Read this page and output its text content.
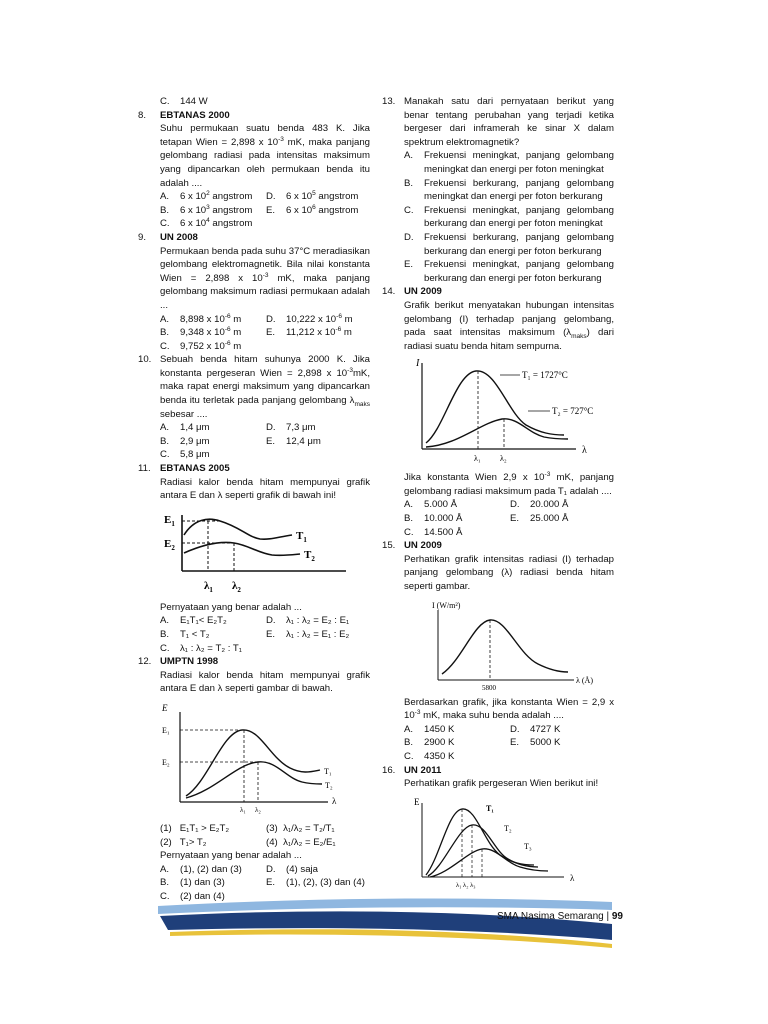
C. 144 W
8. EBTANAS 2000

Suhu permukaan suatu benda 483 K. Jika tetapan Wien = 2,898 x $10^{-3}$ mK, maka panjang gelombang radiasi pada intensitas maksimum yang dipancarkan oleh permukaan benda itu adalah ....

A. 6 x $10^2$ angstrom	D. 6 x $10^5$ angstrom
B. 6 x $10^3$ angstrom	E. 6 x $10^6$ angstrom
C. 6 x $10^4$ angstrom
9. UN 2008

Permukaan benda pada suhu 37°C meradiasikan gelombang elektromagnetik. Bila nilai konstanta Wien = 2,898 x $10^{-3}$ mK, maka panjang gelombang maksimum radiasi permukaan adalah ...

A. 8,898 x $10^{-6}$ m	D. 10,222 x $10^{-6}$ m
B. 9,348 x $10^{-6}$ m	E. 11,212 x $10^{-6}$ m
C. 9,752 x $10^{-6}$ m
10. Sebuah benda hitam suhunya 2000 K. Jika konstanta pergeseran Wien = 2,898 x $10^{-3}mK$, maka rapat energi maksimum yang dipancarkan benda itu terletak pada panjang gelombang $\lambda_{maks}$ sebesar ....

A. 1,4 μm	D. 7,3 μm
B. 2,9 μm	E. 12,4 μm
C. 5,8 μm
11. EBTANAS 2005

Radiasi kalor benda hitam mempunyai grafik antara E dan λ seperti grafik di bawah ini!

$E_1$
$E_2$
$T_1$
$T_2$
$\lambda_1$ $\lambda_2$
Pernyataan yang benar adalah ...
A. E₁T₁< E₂T₂	D. λ₁ : λ₂ = E₂ : E₁
B. T₁ < T₂	E. λ₁ : λ₂ = E₁ : E₂
C. λ₁ : λ₂ = T₂ : T₁
12. UMPTN 1998

Radiasi kalor benda hitam mempunyai grafik antara E dan λ seperti gambar di bawah.

E
E₁
E₂
T₁
T₂
λ
λ₁ λ₂
(1) E₁T₁ > E₂T₂	(3) λ₁/λ₂ = T₂/T₁
(2) T₁> T₂	(4) λ₁/λ₂ = E₂/E₁
Pernyataan yang benar adalah ...
A. (1), (2) dan (3)	D. (4) saja
B. (1) dan (3)	E. (1), (2), (3) dan (4)
C. (2) dan (4)
13. Manakah satu dari pernyataan berikut yang benar tentang perubahan yang terjadi ketika bergeser dari inframerah ke sinar X dalam spektrum elektromagnetik?

A. Frekuensi meningkat, panjang gelombang meningkat dan energi per foton meningkat

B. Frekuensi berkurang, panjang gelombang meningkat dan energi per foton berkurang

C. Frekuensi meningkat, panjang gelombang berkurang dan energi per foton meningkat

D. Frekuensi berkurang, panjang gelombang berkurang dan energi per foton berkurang

E. Frekuensi meningkat, panjang gelombang berkurang dan energi per foton berkurang

14. UN 2009

Grafik berikut menyatakan hubungan intensitas gelombang (I) terhadap panjang gelombang, pada saat intensitas maksimum $(\lambda_{maks})$ dari radiasi suatu benda hitam sempurna.

I
T₁ = 1727°C
T₂ = 727°C
λ
λ₁ λ₂

Jika konstanta Wien 2,9 x $10^{-3}$ mK, panjang gelombang radiasi maksimum pada T₁ adalah ....

A. 5.000 Å	D. 20.000 Å
B. 10.000 Å	E. 25.000 Å
C. 14.500 Å
15. UN 2009

Perhatikan grafik intensitas radiasi (I) terhadap panjang gelombang (λ) radiasi benda hitam seperti gambar.

I (W/m²)
5800
λ (Å)

Berdasarkan grafik, jika konstanta Wien = 2,9 x $10^{-3}$ mK, maka suhu benda adalah ....

A. 1450 K	D. 4727 K
B. 2900 K	E. 5000 K
C. 4350 K
16. UN 2011

Perhatikan grafik pergeseran Wien berikut ini!

E
T₁
T₂
T₃
λ
λ₁ λ₂ λ₃
SMA Nasima Semarang | 99
